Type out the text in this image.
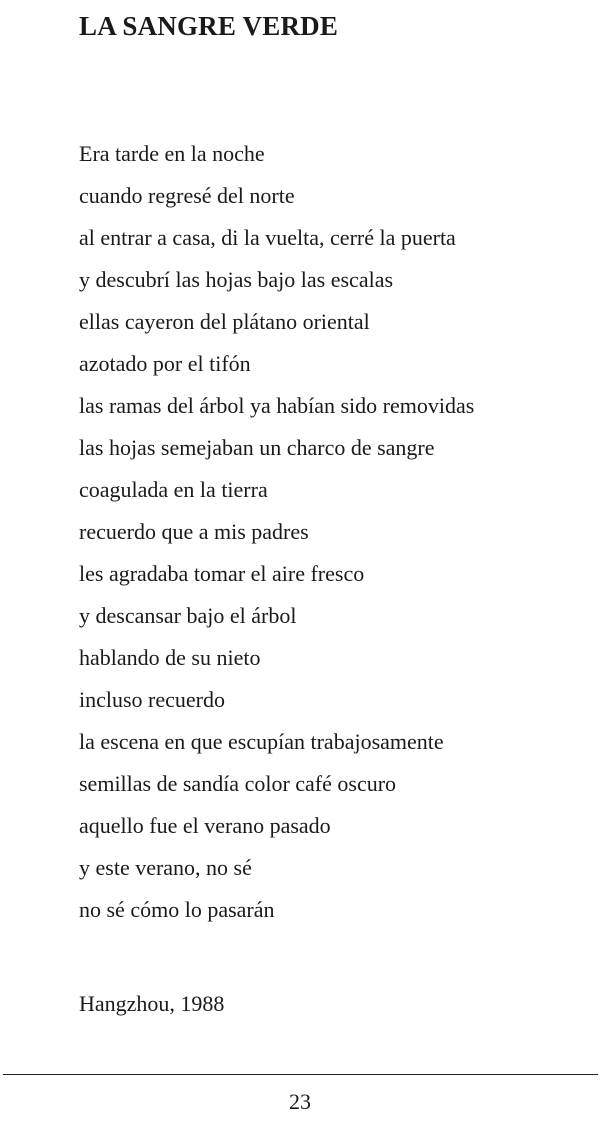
LA SANGRE VERDE
Era tarde en la noche
cuando regresé del norte
al entrar a casa, di la vuelta, cerré la puerta
y descubrí las hojas bajo las escalas
ellas cayeron del plátano oriental
azotado por el tifón
las ramas del árbol ya habían sido removidas
las hojas semejaban un charco de sangre
coagulada en la tierra
recuerdo que a mis padres
les agradaba tomar el aire fresco
y descansar bajo el árbol
hablando de su nieto
incluso recuerdo
la escena en que escupían trabajosamente
semillas de sandía color café oscuro
aquello fue el verano pasado
y este verano, no sé
no sé cómo lo pasarán

Hangzhou, 1988

23
